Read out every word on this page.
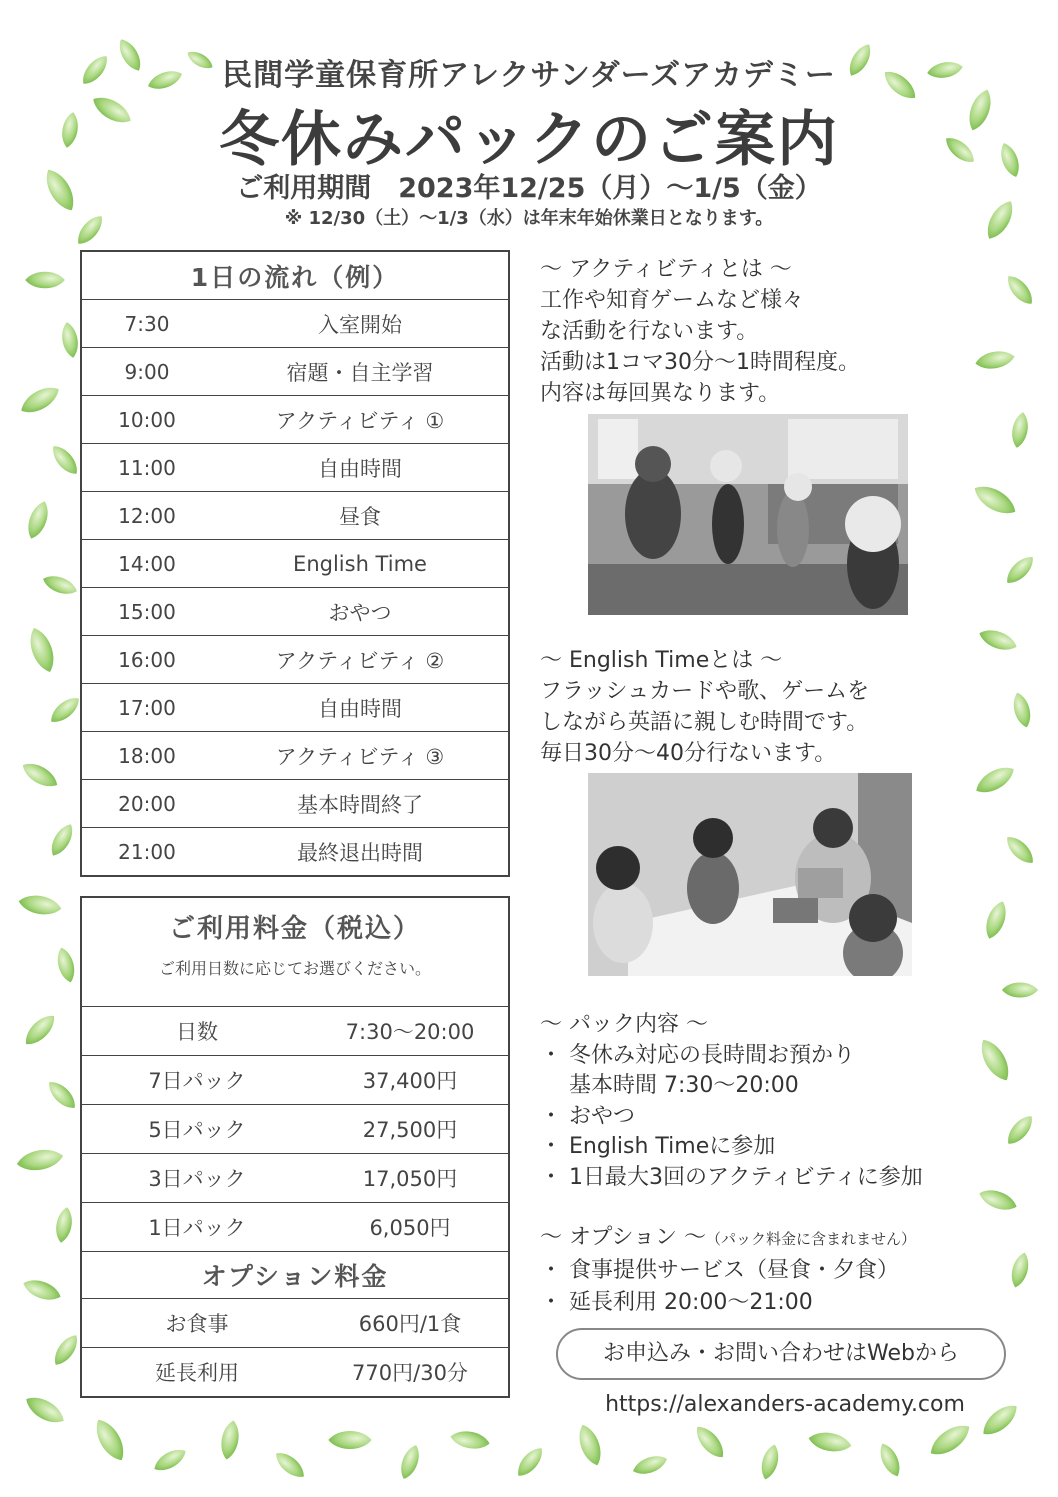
民間学童保育所アレクサンダーズアカデミー
冬休みパックのご案内
ご利用期間　2023年12/25（月）～1/5（金）
※ 12/30（土）～1/3（水）は年末年始休業日となります。
1日の流れ（例）	
7:30	入室開始
9:00	宿題・自主学習
10:00	アクティビティ ①
11:00	自由時間
12:00	昼食
14:00	English Time
15:00	おやつ
16:00	アクティビティ ②
17:00	自由時間
18:00	アクティビティ ③
20:00	基本時間終了
21:00	最終退出時間
ご利用料金（税込）	
ご利用日数に応じてお選びください。	
日数	7:30～20:00
7日パック	37,400円
5日パック	27,500円
3日パック	17,050円
1日パック	6,050円
オプション料金	
お食事	660円/1食
延長利用	770円/30分
～ アクティビティとは ～
工作や知育ゲームなど様々
な活動を行ないます。
活動は1コマ30分～1時間程度。
内容は毎回異なります。
～ English Timeとは ～
フラッシュカードや歌、ゲームを
しながら英語に親しむ時間です。
毎日30分～40分行ないます。
～ パック内容 ～
・ 冬休み対応の長時間お預かり
　 基本時間 7:30～20:00
・ おやつ
・ English Timeに参加
・ 1日最大3回のアクティビティに参加
～ オプション ～（パック料金に含まれません）
・ 食事提供サービス（昼食・夕食）
・ 延長利用 20:00～21:00
お申込み・お問い合わせはWebから
https://alexanders-academy.com
